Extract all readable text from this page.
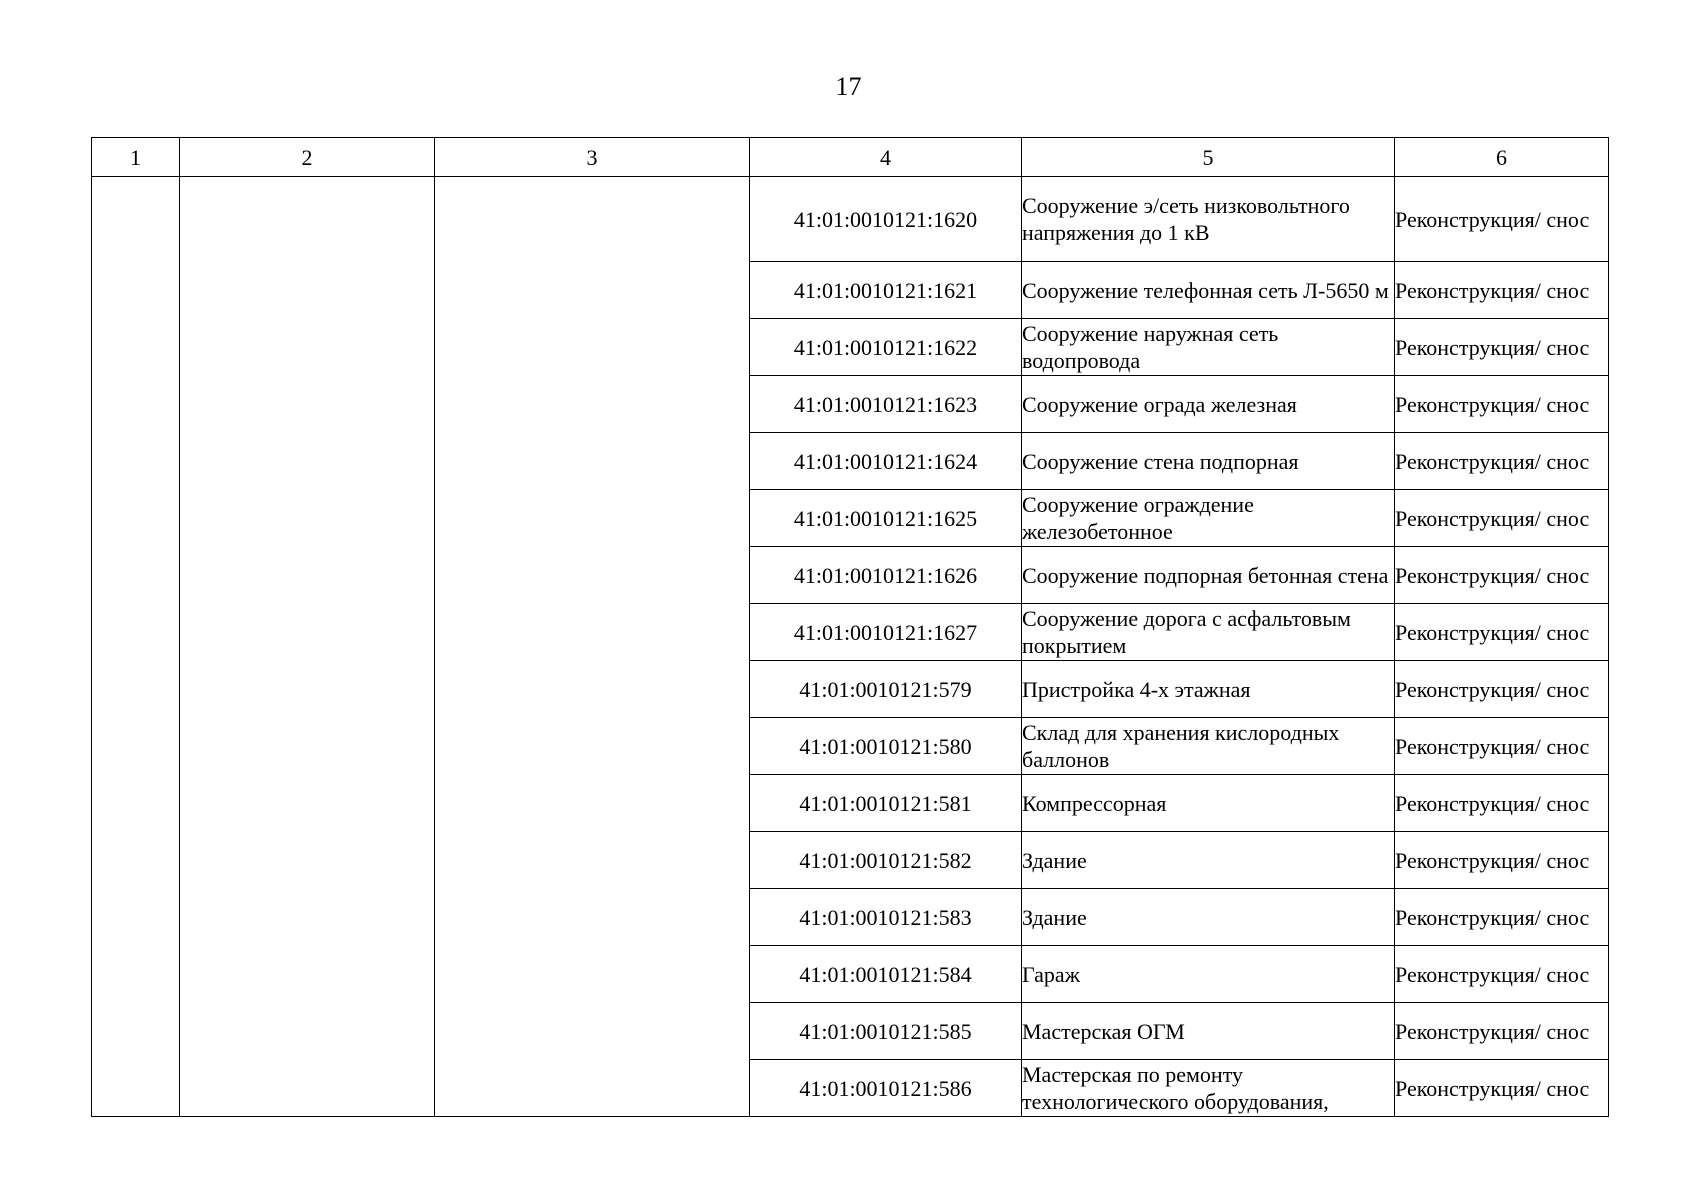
17
1	2	3	4	5	6
			41:01:0010121:1620	Сооружение э/сеть низковольтного напряжения до 1 кВ	Реконструкция/ снос
			41:01:0010121:1621	Сооружение телефонная сеть Л-5650 м	Реконструкция/ снос
			41:01:0010121:1622	Сооружение наружная сеть водопровода	Реконструкция/ снос
			41:01:0010121:1623	Сооружение ограда железная	Реконструкция/ снос
			41:01:0010121:1624	Сооружение стена подпорная	Реконструкция/ снос
			41:01:0010121:1625	Сооружение ограждение железобетонное	Реконструкция/ снос
			41:01:0010121:1626	Сооружение подпорная бетонная стена	Реконструкция/ снос
			41:01:0010121:1627	Сооружение дорога с асфальтовым покрытием	Реконструкция/ снос
			41:01:0010121:579	Пристройка 4-х этажная	Реконструкция/ снос
			41:01:0010121:580	Склад для хранения кислородных баллонов	Реконструкция/ снос
			41:01:0010121:581	Компрессорная	Реконструкция/ снос
			41:01:0010121:582	Здание	Реконструкция/ снос
			41:01:0010121:583	Здание	Реконструкция/ снос
			41:01:0010121:584	Гараж	Реконструкция/ снос
			41:01:0010121:585	Мастерская ОГМ	Реконструкция/ снос
			41:01:0010121:586	Мастерская по ремонту технологического оборудования,	Реконструкция/ снос
